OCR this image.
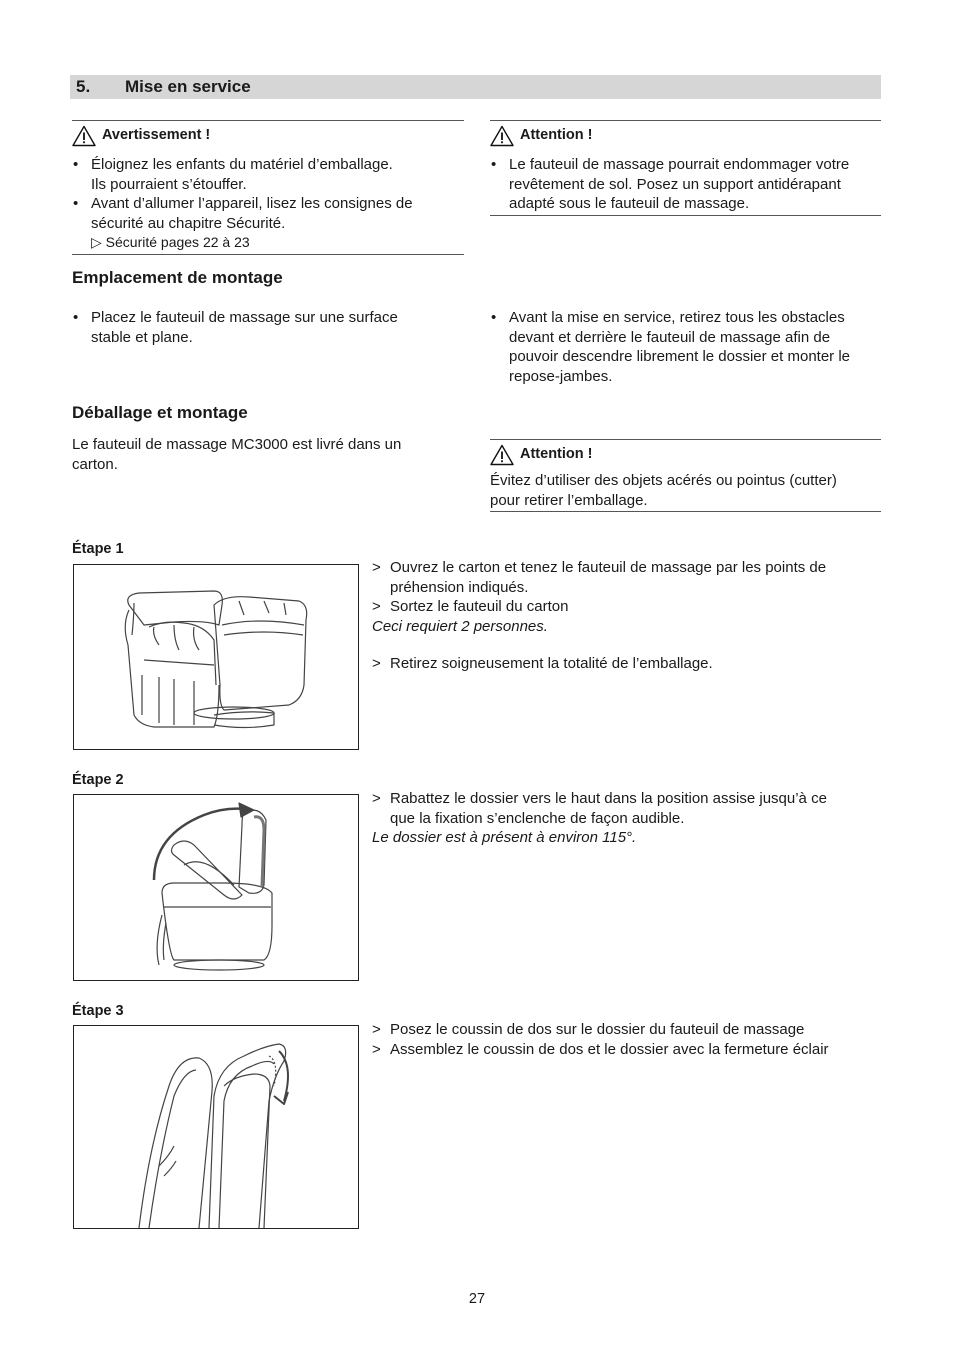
5. Mise en service
Avertissement !
• Éloignez les enfants du matériel d’emballage.
Ils pourraient s’étouffer.
• Avant d’allumer l’appareil, lisez les consignes de
sécurité au chapitre Sécurité.
▷ Sécurité pages 22 à 23
Attention !
• Le fauteuil de massage pourrait endommager votre
revêtement de sol. Posez un support antidérapant
adapté sous le fauteuil de massage.
Emplacement de montage
• Placez le fauteuil de massage sur une surface
stable et plane.
• Avant la mise en service, retirez tous les obstacles
devant et derrière le fauteuil de massage afin de
pouvoir descendre librement le dossier et monter le
repose-jambes.
Déballage et montage
Le fauteuil de massage MC3000 est livré dans un
carton.
Attention !
Évitez d’utiliser des objets acérés ou pointus (cutter)
pour retirer l’emballage.
Étape 1
> Ouvrez le carton et tenez le fauteuil de massage par les points de
préhension indiqués.
> Sortez le fauteuil du carton
Ceci requiert 2 personnes.
> Retirez soigneusement la totalité de l’emballage.
Étape 2
> Rabattez le dossier vers le haut dans la position assise jusqu’à ce
que la fixation s’enclenche de façon audible.
Le dossier est à présent à environ 115°.
Étape 3
> Posez le coussin de dos sur le dossier du fauteuil de massage
> Assemblez le coussin de dos et le dossier avec la fermeture éclair
27
